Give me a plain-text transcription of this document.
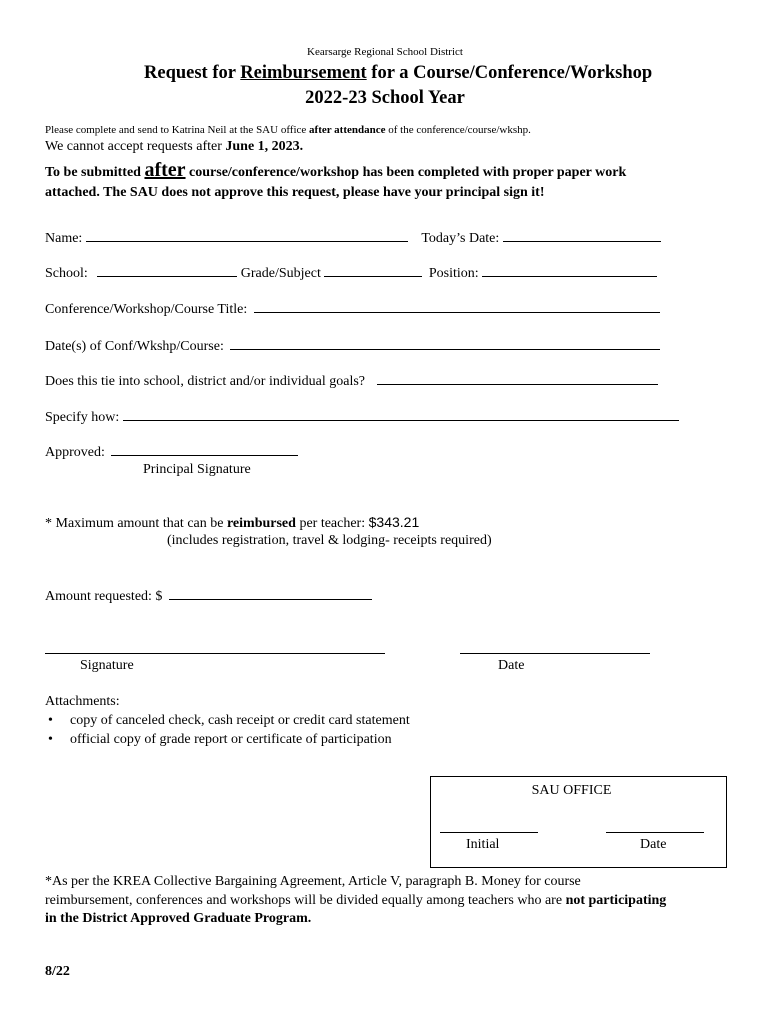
Kearsarge Regional School District
Request for Reimbursement for a Course/Conference/Workshop
2022-23 School Year
Please complete and send to Katrina Neil at the SAU office after attendance of the conference/course/wkshp.
We cannot accept requests after June 1, 2023.
To be submitted after course/conference/workshop has been completed with proper paper work
attached. The SAU does not approve this request, please have your principal sign it!
Name:	Today’s Date:
School:	Grade/Subject	Position:
Conference/Workshop/Course Title:
Date(s) of Conf/Wkshp/Course:
Does this tie into school, district and/or individual goals?
Specify how:
Approved:
Principal Signature
* Maximum amount that can be reimbursed per teacher: $343.21
(includes registration, travel & lodging- receipts required)
Amount requested: $
Signature	Date
Attachments:
• copy of canceled check, cash receipt or credit card statement
• official copy of grade report or certificate of participation
SAU OFFICE
Initial	Date
*As per the KREA Collective Bargaining Agreement, Article V, paragraph B. Money for course
reimbursement, conferences and workshops will be divided equally among teachers who are not participating
in the District Approved Graduate Program.
8/22
